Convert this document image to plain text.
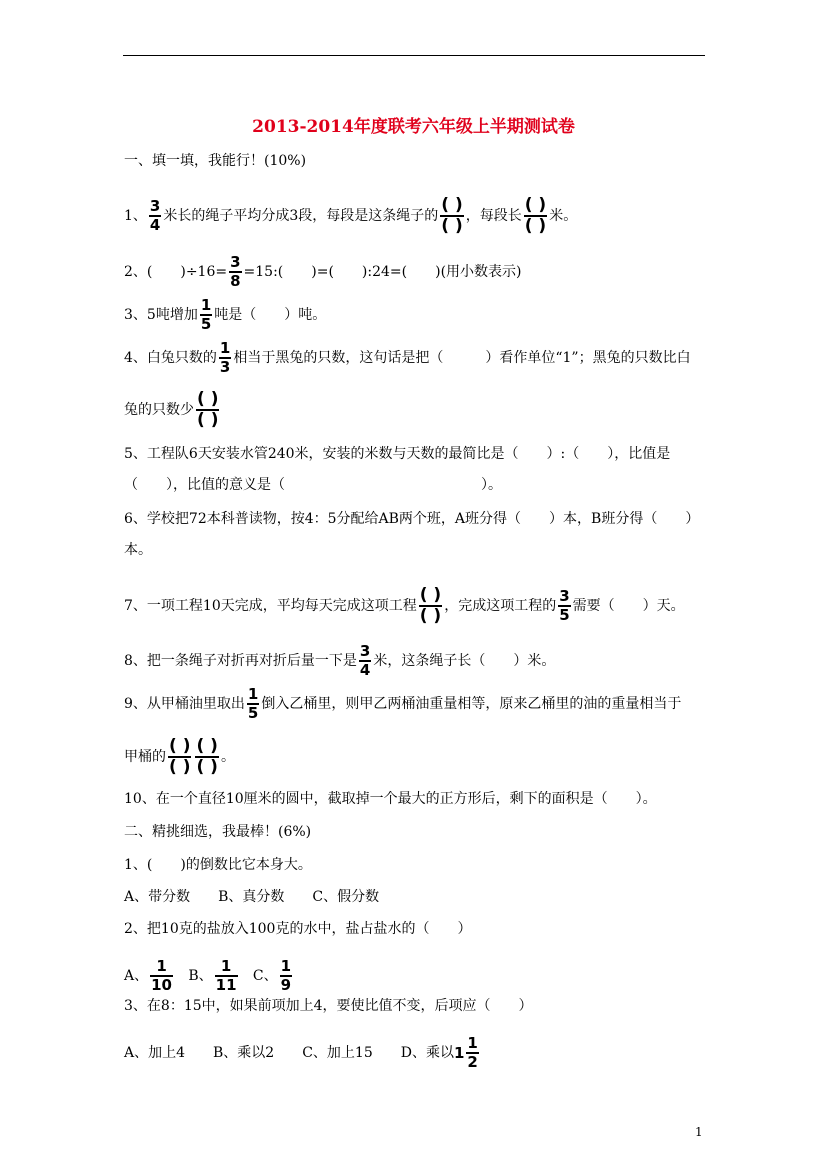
2013-2014年度联考六年级上半期测试卷
一、填一填，我能行！(10%)
1、 $\frac{3}{4}$ 米长的绳子平均分成3段，每段是这条绳子的 $\frac{( )}{( )}$ ，每段长 $\frac{( )}{( )}$ 米。
2、(　　)$\div 16= \frac{3}{8}$ =15:(　　)=(　　):24=(　　)(用小数表示)
3、5吨增加 $\frac{1}{5}$ 吨是（　　）吨。
4、白兔只数的 $\frac{1}{3}$ 相当于黑兔的只数，这句话是把（　　　）看作单位“1”；黑兔的只数比白
兔的只数少 $\frac{( )}{( )}$
5、工程队6天安装水管240米，安装的米数与天数的最简比是（　　）:（　　），比值是
（　　），比值的意义是（　　　　　　　　　　　　　　）。
6、学校把72本科普读物，按4：5分配给AB两个班，A班分得（　　）本，B班分得（　　）
本。
7、一项工程10天完成，平均每天完成这项工程 $\frac{( )}{( )}$ ，完成这项工程的 $\frac{3}{5}$ 需要（　　）天。
8、把一条绳子对折再对折后量一下是 $\frac{3}{4}$ 米，这条绳子长（　　）米。
9、从甲桶油里取出 $\frac{1}{5}$ 倒入乙桶里，则甲乙两桶油重量相等，原来乙桶里的油的重量相当于
甲桶的 $\frac{( )}{( )} \frac{( )}{( )}$ 。
10、在一个直径10厘米的圆中，截取掉一个最大的正方形后，剩下的面积是（　　）。
二、精挑细选，我最棒！(6%)
1、(　　)的倒数比它本身大。
A、带分数　　B、真分数　　C、假分数
2、把10克的盐放入100克的水中，盐占盐水的（　　）
A、 $\frac{1}{10}$ B、 $\frac{1}{11}$ C、 $\frac{1}{9}$
3、在8：15中，如果前项加上4，要使比值不变，后项应（　　）
A、加上4　　B、乘以2　　C、加上15　　D、乘以$1 \frac{1}{2}$
1
